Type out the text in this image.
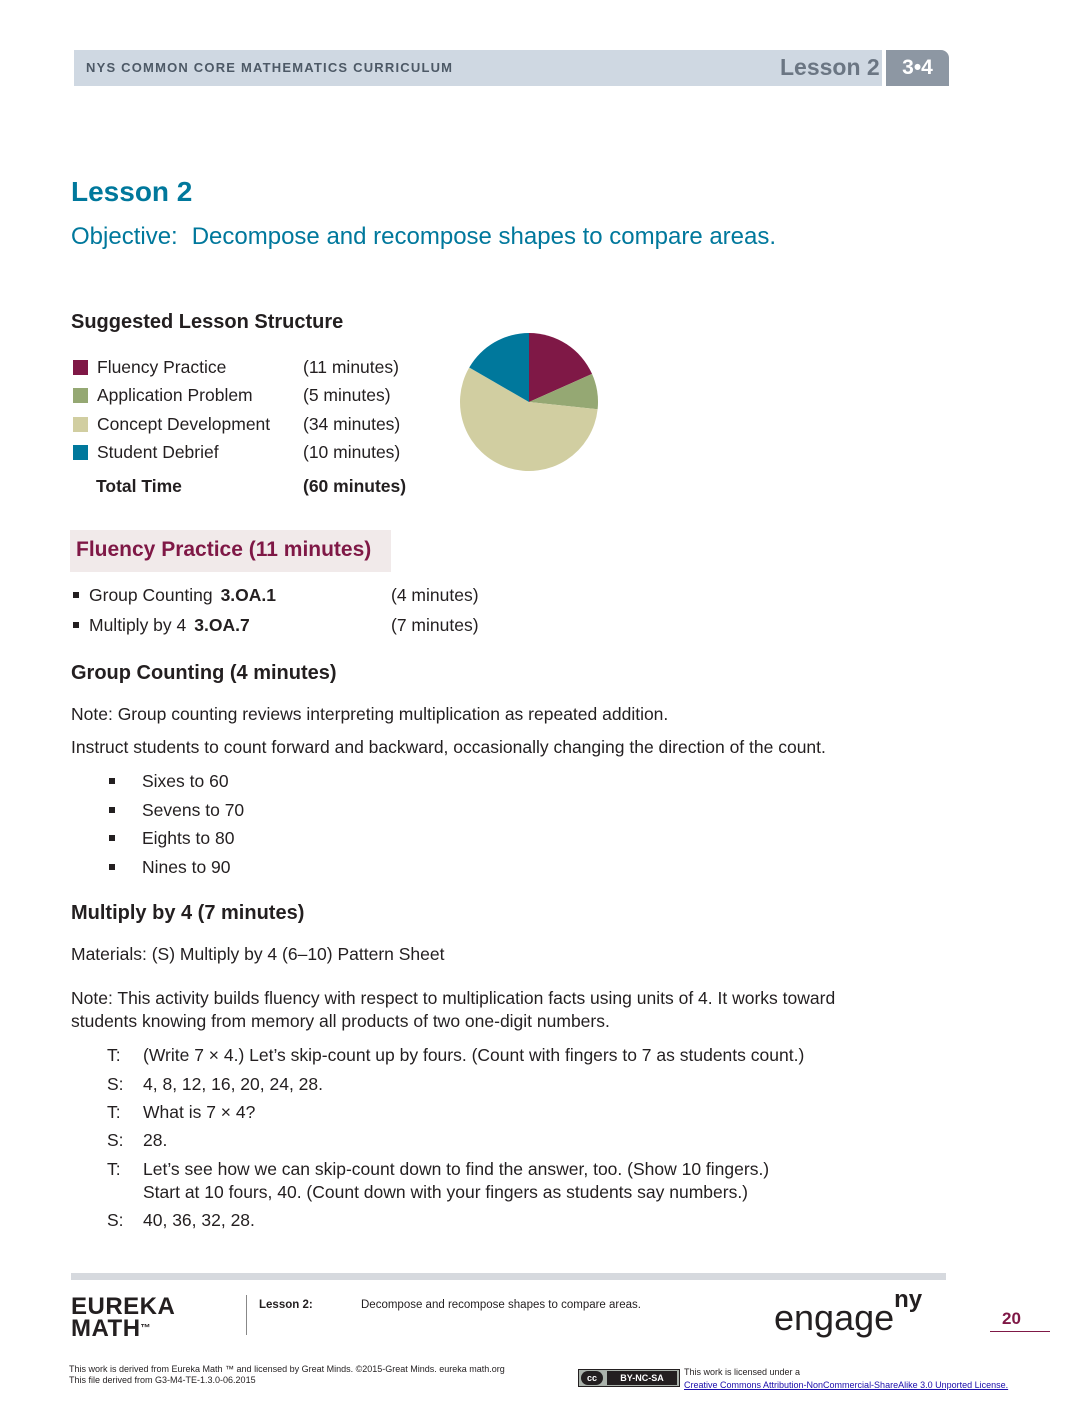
NYS COMMON CORE MATHEMATICS CURRICULUM	Lesson 2	3•4
Lesson 2
Objective: Decompose and recompose shapes to compare areas.
Suggested Lesson Structure
Fluency Practice	(11 minutes)
Application Problem	(5 minutes)
Concept Development (34 minutes)
Student Debrief	(10 minutes)
Total Time	(60 minutes)
Fluency Practice (11 minutes)
Group Counting 3.OA.1	(4 minutes)
Multiply by 4 3.OA.7	(7 minutes)
Group Counting (4 minutes)
Note: Group counting reviews interpreting multiplication as repeated addition.
Instruct students to count forward and backward, occasionally changing the direction of the count.
Sixes to 60
Sevens to 70
Eights to 80
Nines to 90
Multiply by 4 (7 minutes)
Materials: (S) Multiply by 4 (6–10) Pattern Sheet
Note: This activity builds fluency with respect to multiplication facts using units of 4. It works toward
students knowing from memory all products of two one-digit numbers.
T: (Write 7 × 4.) Let’s skip-count up by fours. (Count with fingers to 7 as students count.)
S: 4, 8, 12, 16, 20, 24, 28.
T: What is 7 × 4?
S: 28.
T: Let’s see how we can skip-count down to find the answer, too. (Show 10 fingers.)
Start at 10 fours, 40. (Count down with your fingers as students say numbers.)
S: 40, 36, 32, 28.
EUREKA
MATH™
Lesson 2:	Decompose and recompose shapes to compare areas.	engage$^{ny}$
20
This work is derived from Eureka Math ™ and licensed by Great Minds. ©2015-Great Minds. eureka math.org
This file derived from G3-M4-TE-1.3.0-06.2015	cc	BY-NC-SA
This work is licensed under a
Creative Commons Attribution-NonCommercial-ShareAlike 3.0 Unported License.
